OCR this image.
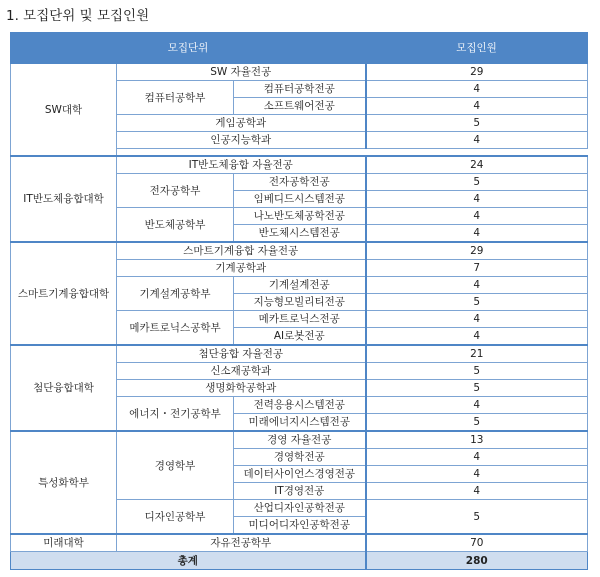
1. 모집단위 및 모집인원
모집단위			모집인원
SW대학	SW 자율전공		29
	컴퓨터공학부	컴퓨터공학전공	4
		소프트웨어전공	4
	게임공학과		5
	인공지능학과		4

IT반도체융합대학	IT반도체융합 자율전공		24
	전자공학부	전자공학전공	5
		임베디드시스템전공	4
	반도체공학부	나노반도체공학전공	4
		반도체시스템전공	4
스마트기계융합대학	스마트기계융합 자율전공		29
	기계공학과		7
	기계설계공학부	기계설계전공	4
		지능형모빌리티전공	5
	메카트로닉스공학부	메카트로닉스전공	4
		AI로봇전공	4
첨단융합대학	첨단융합 자율전공		21
	신소재공학과		5
	생명화학공학과		5
	에너지・전기공학부	전력응용시스템전공	4
		미래에너지시스템전공	5
특성화학부	경영학부	경영 자율전공	13
		경영학전공	4
		데이터사이언스경영전공	4
		IT경영전공	4
	디자인공학부	산업디자인공학전공	5
		미디어디자인공학전공	
미래대학	자유전공학부		70
총계			280
